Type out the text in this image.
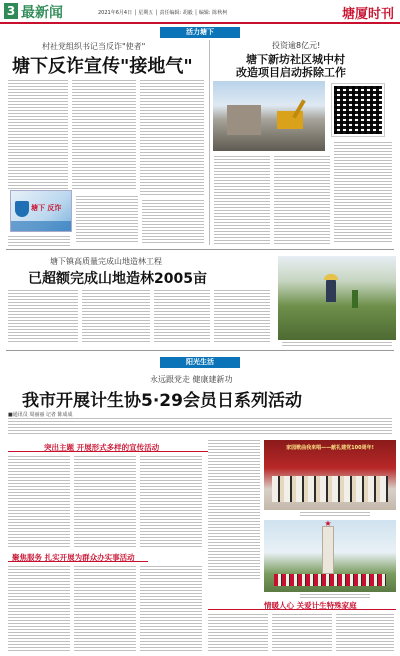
3 最新闻	2021年6月4日 │ 星期五 │ 责任编辑: 胡毅 │ 编辑: 陈秋柯	塘厦时刊
活力塘下
村社党组织书记当反诈"使者"
塘下反诈宣传"接地气"
塘下 反诈
投资逾8亿元!
塘下新坊社区城中村
改造项目启动拆除工作
塘下镇高质量完成山地造林工程
已超额完成山地造林2005亩
阳光生活
永远跟党走 健康建新功
我市开展计生协5·29会员日系列活动
■通讯员 周丽丽 记者 陈成成
突出主题 开展形式多样的宣传活动
聚焦服务 扎实开展为群众办实事活动
家园歌曲我来唱——献礼建党100周年!
★
情暖人心 关爱计生特殊家庭
